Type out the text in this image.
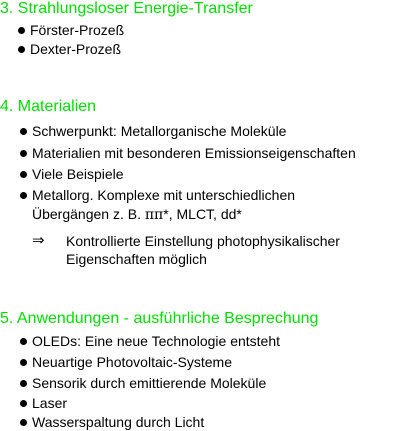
3. Strahlungsloser Energie-Transfer
Förster-Prozeß
Dexter-Prozeß
4. Materialien
Schwerpunkt: Metallorganische Moleküle
Materialien mit besonderen Emissionseigenschaften
Viele Beispiele
Metallorg. Komplexe mit unterschiedlichen
Übergängen z. B. ππ*, MLCT, dd*
⇒ Kontrollierte Einstellung photophysikalischer
Eigenschaften möglich
5. Anwendungen - ausführliche Besprechung
OLEDs: Eine neue Technologie entsteht
Neuartige Photovoltaic-Systeme
Sensorik durch emittierende Moleküle
Laser
Wasserspaltung durch Licht
